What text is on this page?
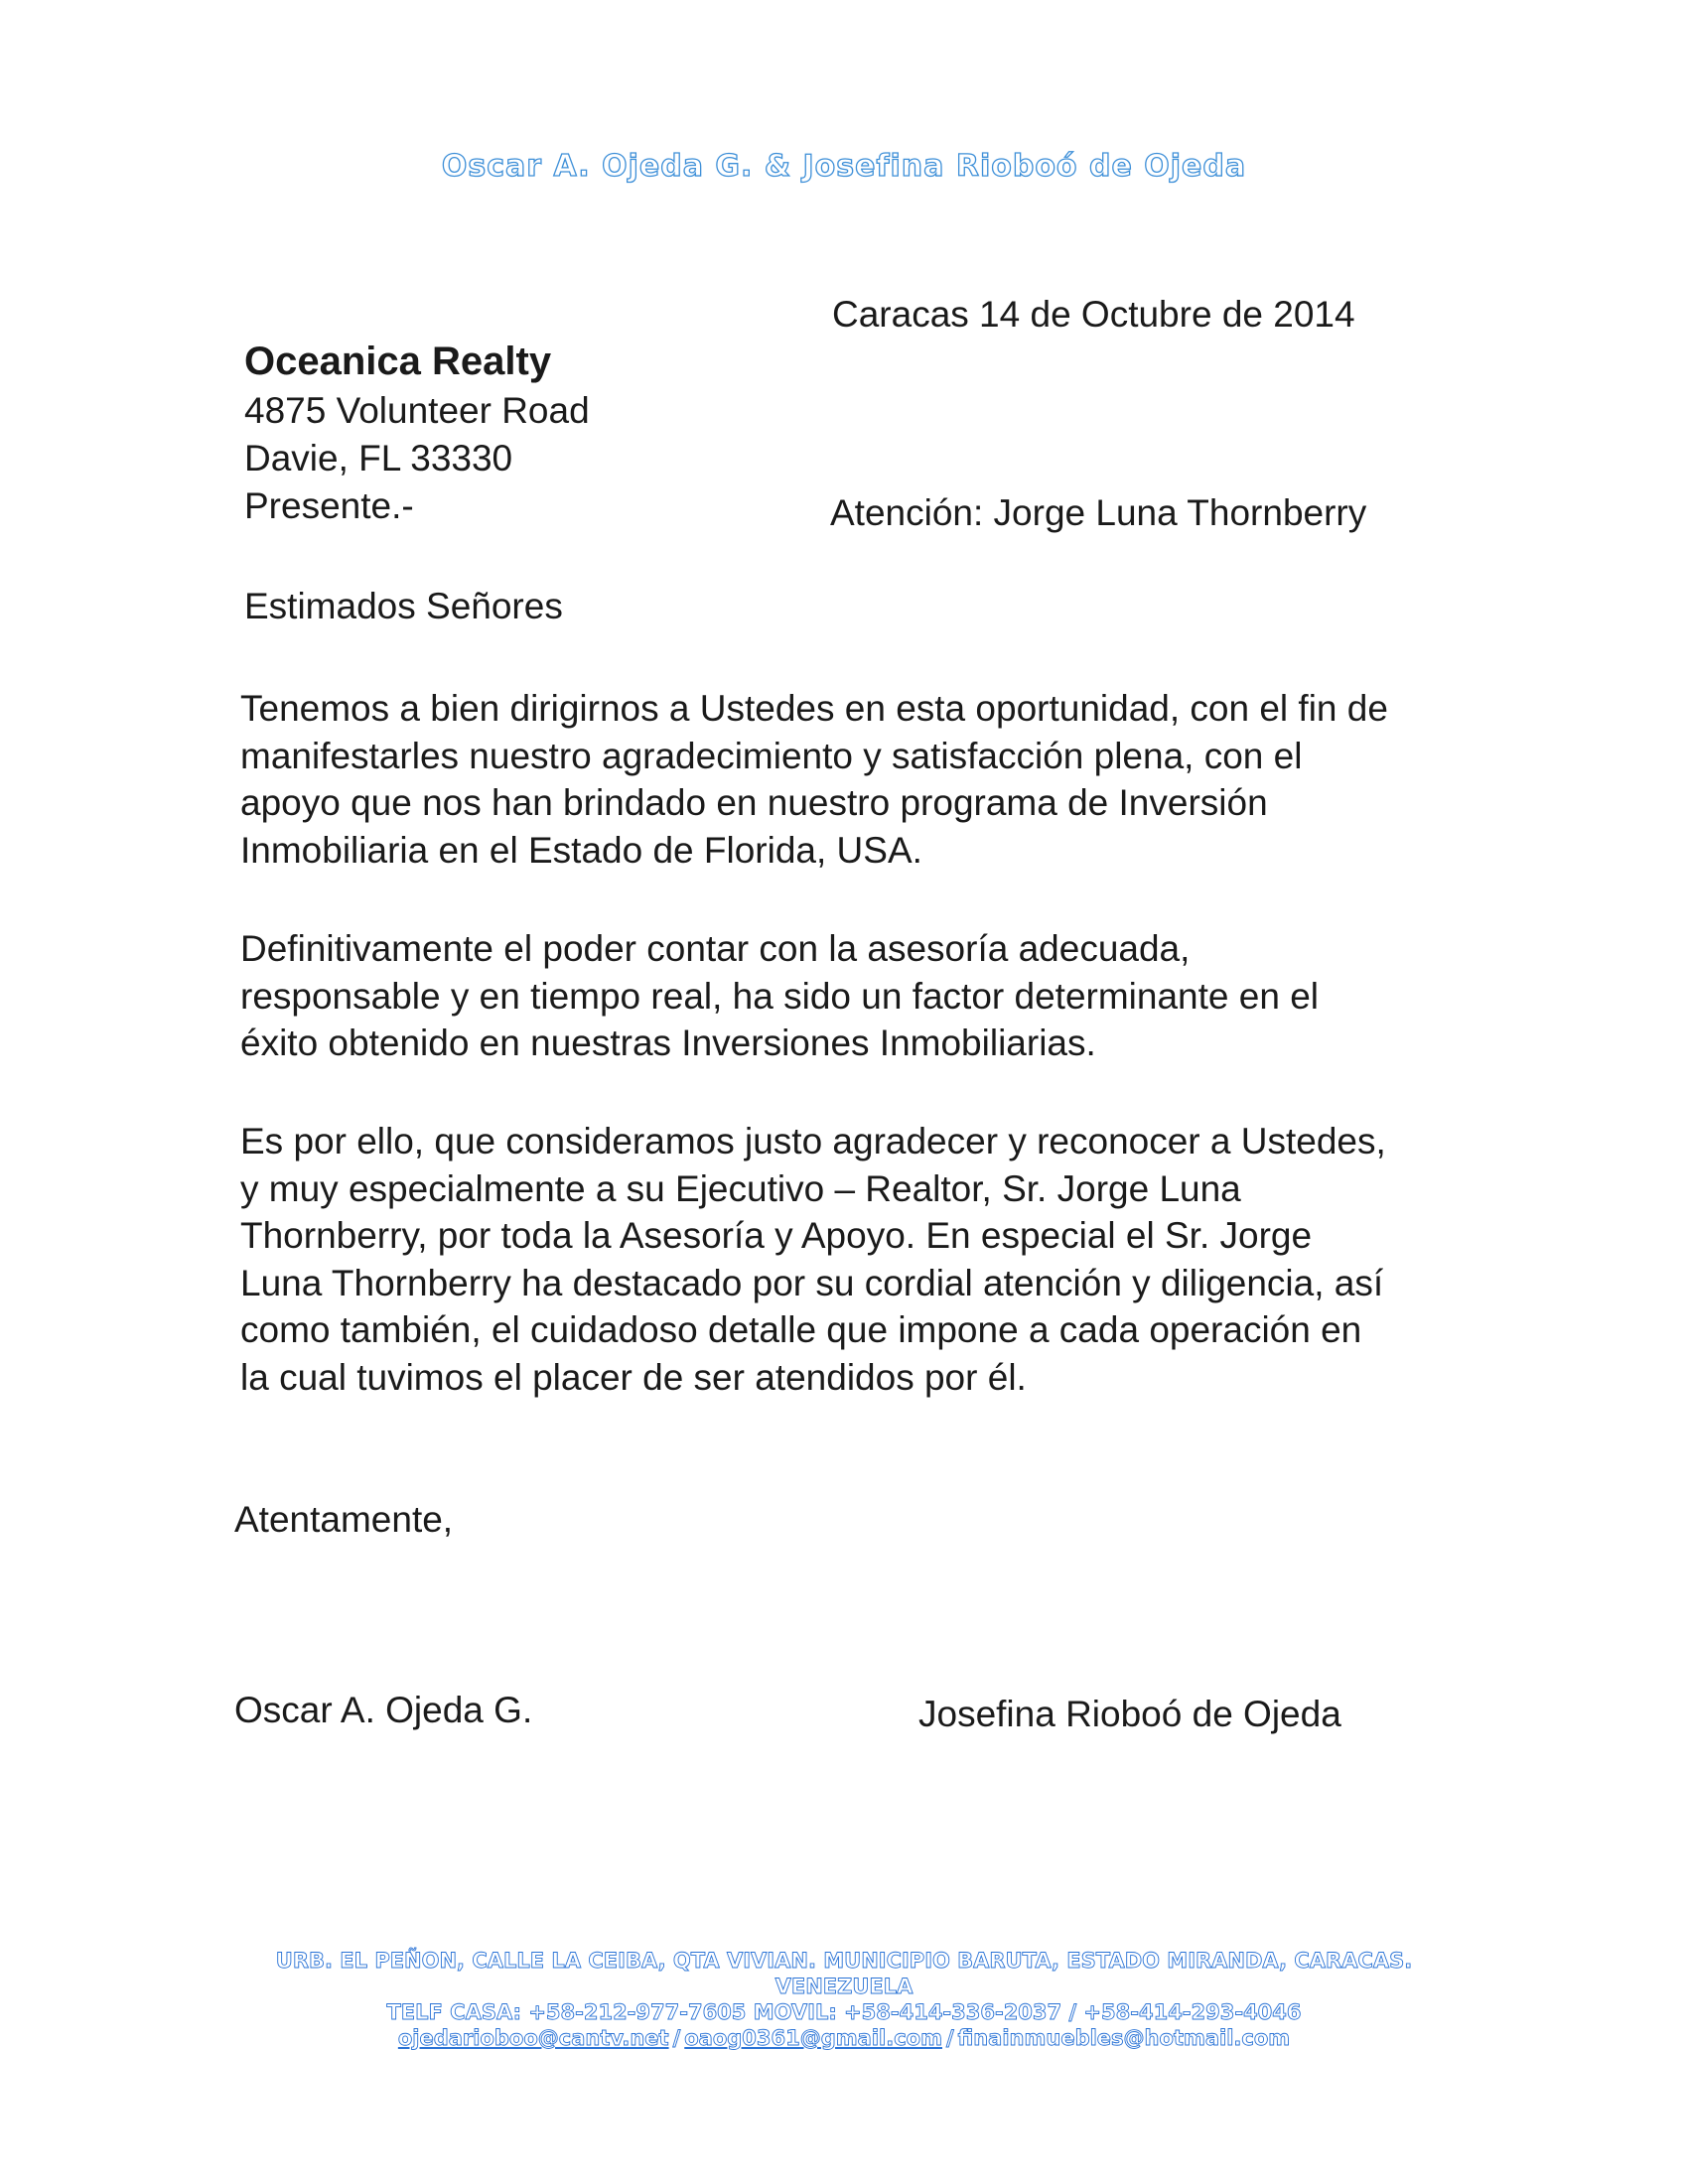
Oscar A. Ojeda G. & Josefina Rioboó de Ojeda
Caracas 14 de Octubre de 2014
Oceanica Realty
4875 Volunteer Road
Davie, FL 33330
Presente.-	Atención: Jorge Luna Thornberry
Estimados Señores
Tenemos a bien dirigirnos a Ustedes en esta oportunidad, con el fin de
manifestarles nuestro agradecimiento y satisfacción plena, con el
apoyo que nos han brindado en nuestro programa de Inversión
Inmobiliaria en el Estado de Florida, USA.
Definitivamente el poder contar con la asesoría adecuada,
responsable y en tiempo real, ha sido un factor determinante en el
éxito obtenido en nuestras Inversiones Inmobiliarias.
Es por ello, que consideramos justo agradecer y reconocer a Ustedes,
y muy especialmente a su Ejecutivo – Realtor, Sr. Jorge Luna
Thornberry, por toda la Asesoría y Apoyo. En especial el Sr. Jorge
Luna Thornberry ha destacado por su cordial atención y diligencia, así
como también, el cuidadoso detalle que impone a cada operación en
la cual tuvimos el placer de ser atendidos por él.
Atentamente,
Oscar A. Ojeda G.	Josefina Rioboó de Ojeda
URB. EL PEÑON, CALLE LA CEIBA, QTA VIVIAN. MUNICIPIO BARUTA, ESTADO MIRANDA, CARACAS.
VENEZUELA
TELF CASA: +58-212-977-7605 MOVIL: +58-414-336-2037 / +58-414-293-4046
ojedarioboo@cantv.net / oaog0361@gmail.com / finainmuebles@hotmail.com
